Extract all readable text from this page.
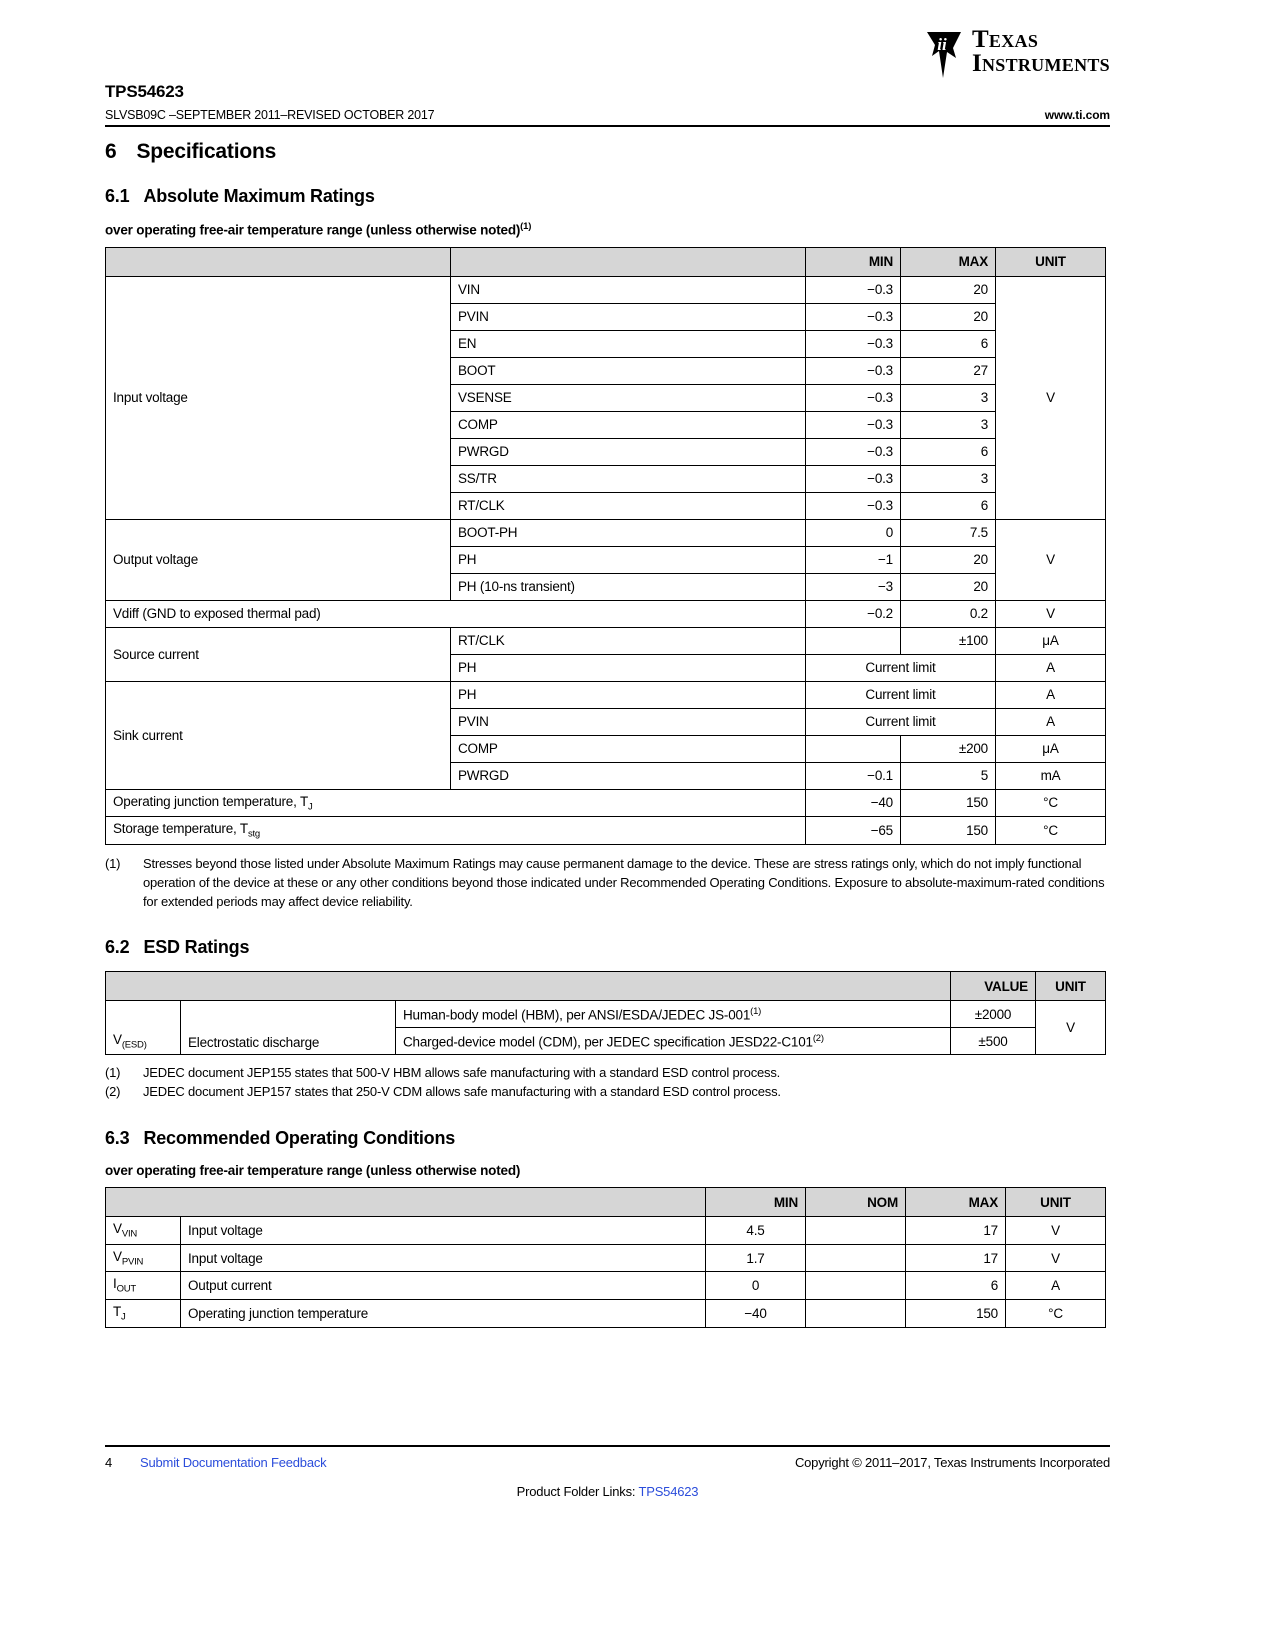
ii Texas
Instruments
TPS54623
SLVSB09C –SEPTEMBER 2011–REVISED OCTOBER 2017	www.ti.com
6 Specifications
6.1 Absolute Maximum Ratings

over operating free-air temperature range (unless otherwise noted)$^{(1)}$

		MIN	MAX	UNIT
Input voltage	VIN	−0.3	20	V
	PVIN	−0.3	20	
	EN	−0.3	6	
	BOOT	−0.3	27	
	VSENSE	−0.3	3	
	COMP	−0.3	3	
	PWRGD	−0.3	6	
	SS/TR	−0.3	3	
	RT/CLK	−0.3	6	
Output voltage	BOOT-PH	0	7.5	V
	PH	−1	20	
	PH (10-ns transient)	−3	20	
Vdiff (GND to exposed thermal pad)		−0.2	0.2	V
Source current	RT/CLK		±100	μA
	PH	Current limit		A
Sink current	PH	Current limit		A
	PVIN	Current limit		A
	COMP		±200	μA
	PWRGD	−0.1	5	mA
Operating junction temperature, $T_J$		−40	150	°C
Storage temperature, $T_{stg}$		−65	150	°C
(1)	Stresses beyond those listed under Absolute Maximum Ratings may cause permanent damage to the device. These are stress ratings only, which do not imply functional operation of the device at these or any other conditions beyond those indicated under Recommended Operating Conditions. Exposure to absolute-maximum-rated conditions for extended periods may affect device reliability.
6.2 ESD Ratings
			VALUE	UNIT
$V_{(ESD)}$	Electrostatic discharge	Human-body model (HBM), per ANSI/ESDA/JEDEC $JS-001^{(1)}$	±2000	V
		Charged-device model (CDM), per JEDEC specification $JESD22-C101^{(2)}$	±500	
(1)	JEDEC document JEP155 states that 500-V HBM allows safe manufacturing with a standard ESD control process.
(2)	JEDEC document JEP157 states that 250-V CDM allows safe manufacturing with a standard ESD control process.
6.3 Recommended Operating Conditions

over operating free-air temperature range (unless otherwise noted)

		MIN	NOM	MAX	UNIT
$V_{VIN}$	Input voltage	4.5		17	V
$V_{PVIN}$	Input voltage	1.7		17	V
$I_{OUT}$	Output current	0		6	A
$T_J$	Operating junction temperature	−40		150	°C
4 Submit Documentation Feedback	Copyright © 2011–2017, Texas Instruments Incorporated
Product Folder Links: TPS54623
